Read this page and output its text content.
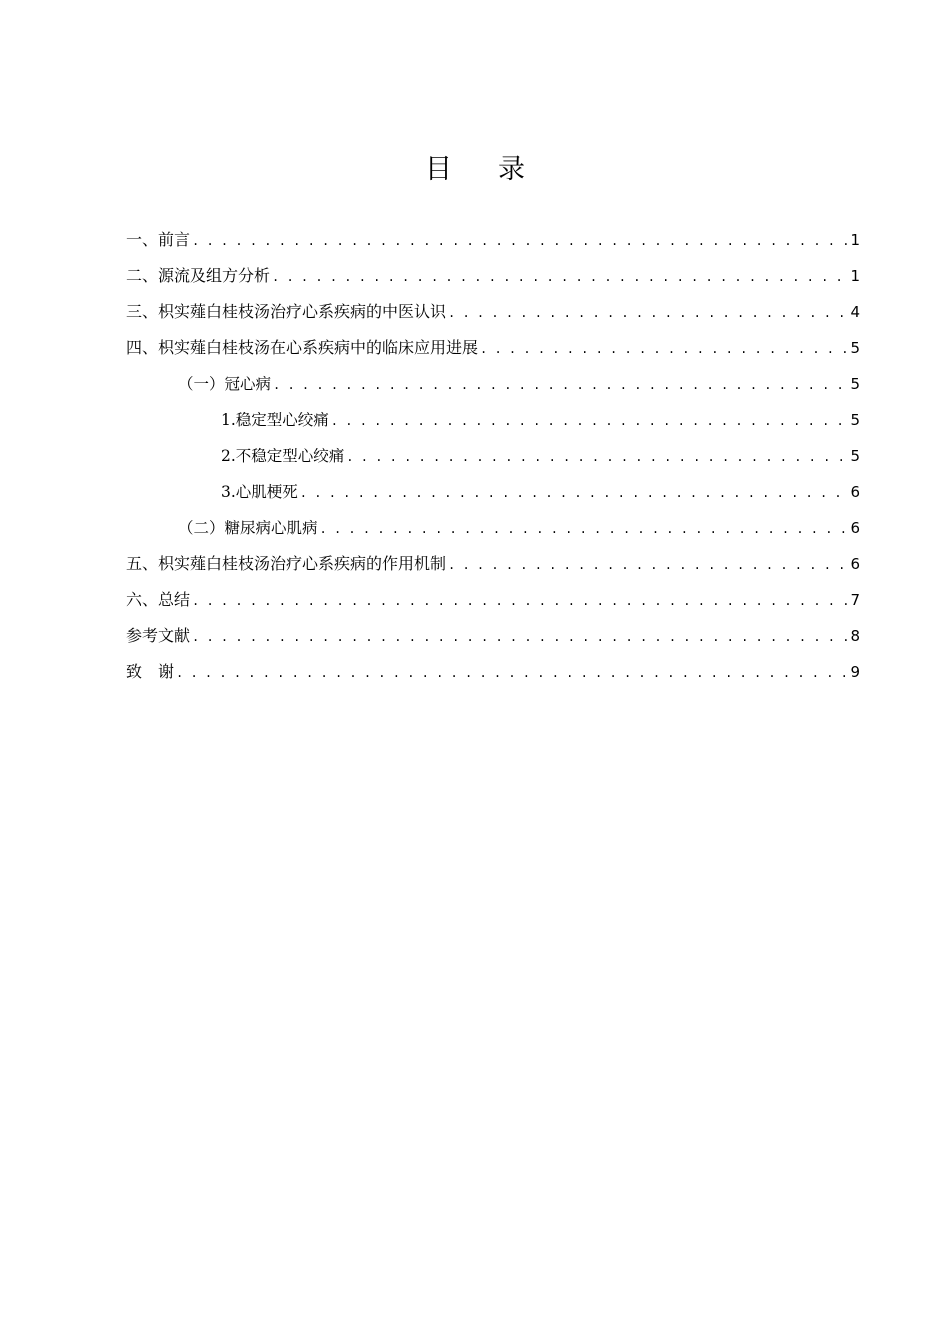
目 录
一、前言 . . .	1
二、源流及组方分析 . . .	1
三、枳实薤白桂枝汤治疗心系疾病的中医认识 . . .	4
四、枳实薤白桂枝汤在心系疾病中的临床应用进展 . . .	5
（一）冠心病 . . .	5
1.稳定型心绞痛 . . .	5
2.不稳定型心绞痛 . . .	5
3.心肌梗死 . . .	6
（二）糖尿病心肌病 . . .	6
五、枳实薤白桂枝汤治疗心系疾病的作用机制 . . .	6
六、总结 . . .	7
参考文献 . . .	8
致　谢 . . .	9
